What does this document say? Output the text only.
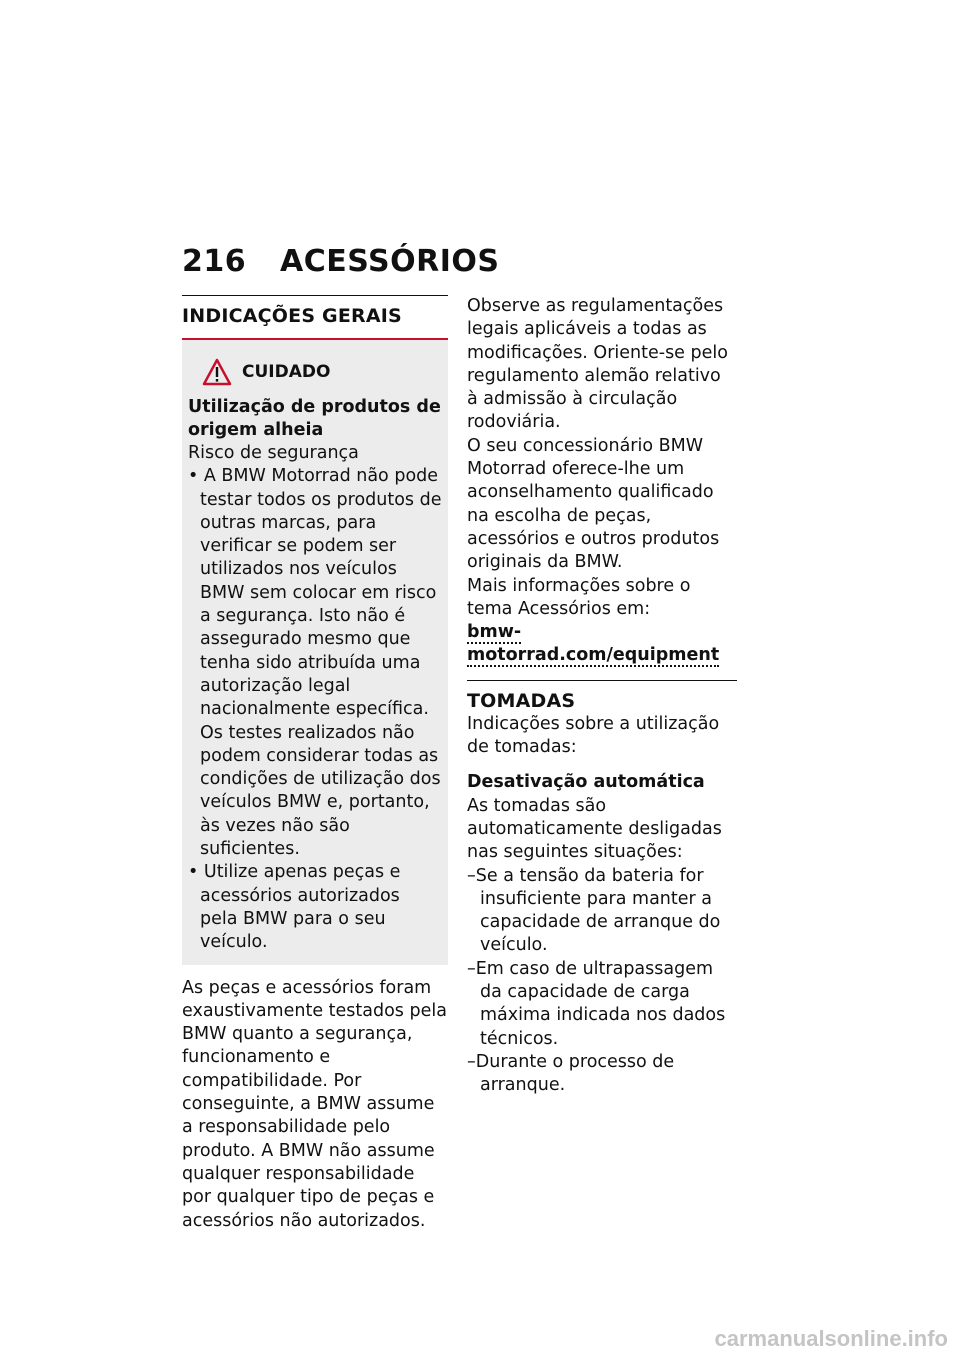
216 ACESSÓRIOS
INDICAÇÕES GERAIS
CUIDADO
Utilização de produtos de origem alheia
Risco de segurança
• A BMW Motorrad não pode testar todos os produtos de outras marcas, para verificar se podem ser utilizados nos veículos BMW sem colocar em risco a segurança. Isto não é assegurado mesmo que tenha sido atribuída uma autorização legal nacionalmente específica. Os testes realizados não podem considerar todas as condições de utilização dos veículos BMW e, portanto, às vezes não são suficientes.
• Utilize apenas peças e acessórios autorizados pela BMW para o seu veículo.

As peças e acessórios foram exaustivamente testados pela BMW quanto a segurança, funcionamento e compatibilidade. Por conseguinte, a BMW assume a responsabilidade pelo produto. A BMW não assume qualquer responsabilidade por qualquer tipo de peças e acessórios não autorizados.

Observe as regulamentações legais aplicáveis a todas as modificações. Oriente-se pelo regulamento alemão relativo à admissão à circulação rodoviária.

O seu concessionário BMW Motorrad oferece-lhe um aconselhamento qualificado na escolha de peças, acessórios e outros produtos originais da BMW.

Mais informações sobre o tema Acessórios em:

bmw-motorrad.com/equipment
TOMADAS

Indicações sobre a utilização de tomadas:

Desativação automática

As tomadas são automaticamente desligadas nas seguintes situações:

– Se a tensão da bateria for insuficiente para manter a capacidade de arranque do veículo.
– Em caso de ultrapassagem da capacidade de carga máxima indicada nos dados técnicos.
– Durante o processo de arranque.
carmanualsonline.info
